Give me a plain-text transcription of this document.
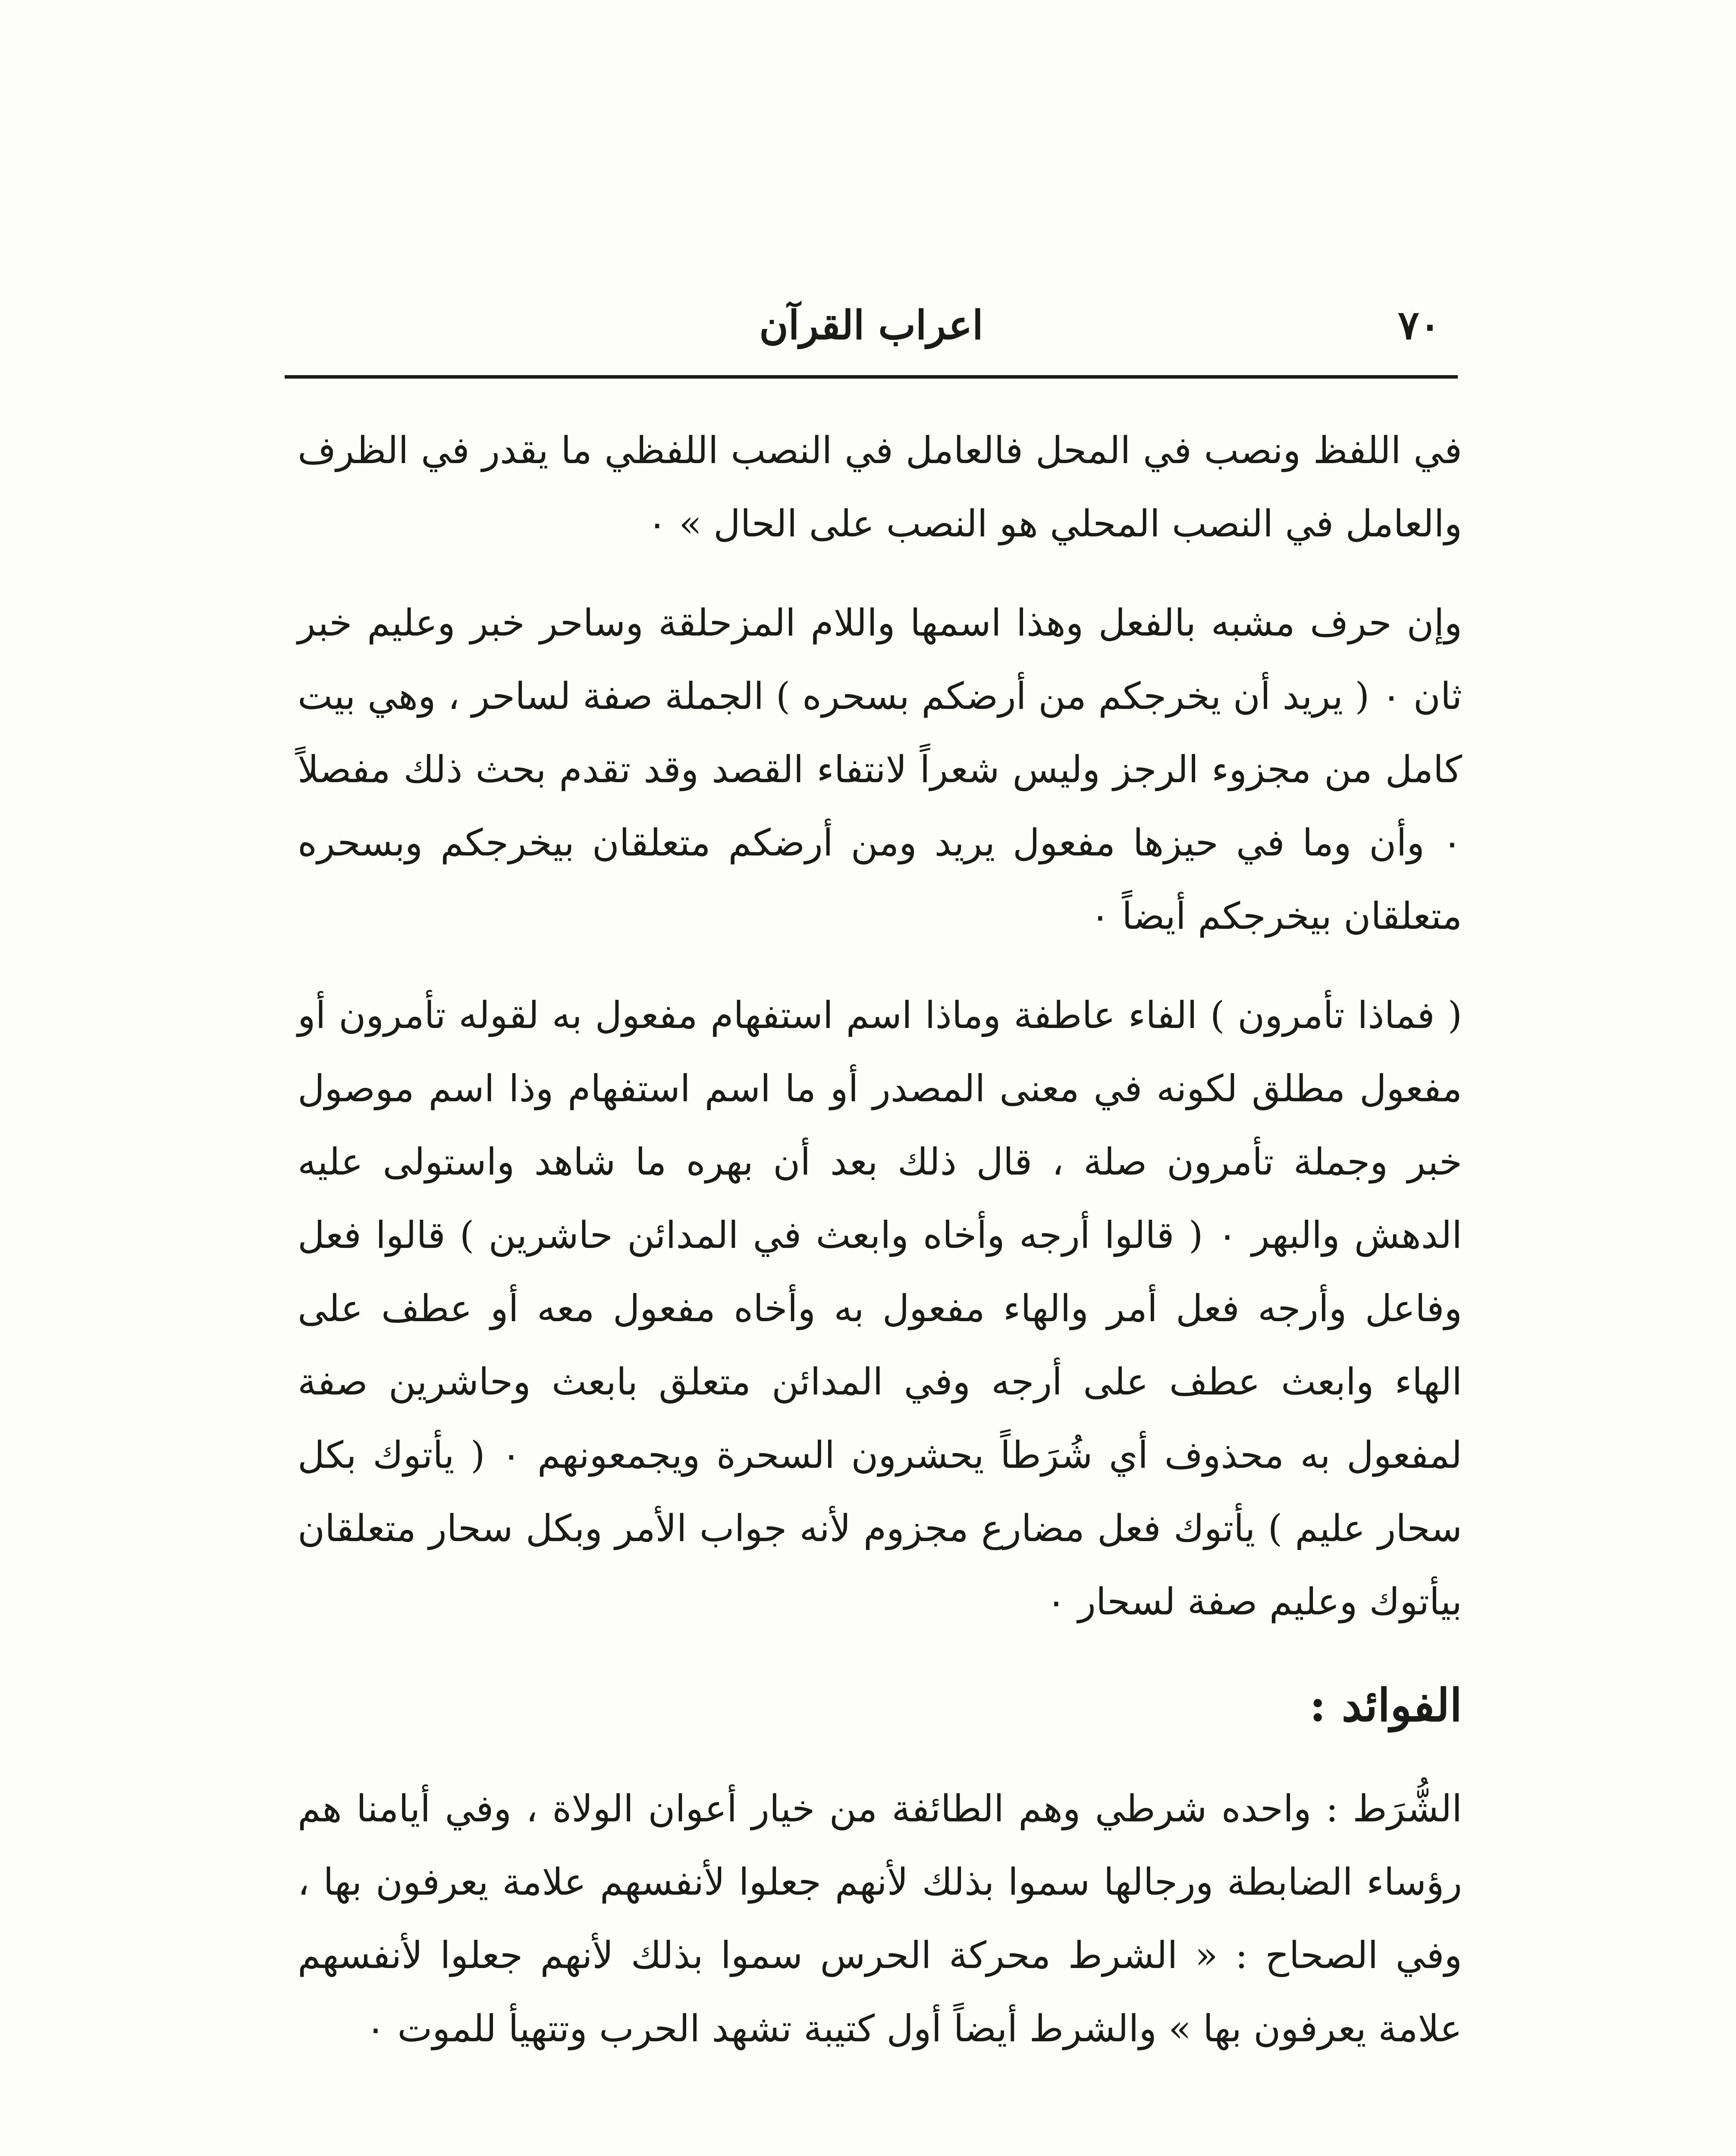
٧٠
اعراب القرآن

في اللفظ ونصب في المحل فالعامل في النصب اللفظي ما يقدر في الظرف والعامل في النصب المحلي هو النصب على الحال » ٠

وإن حرف مشبه بالفعل وهذا اسمها واللام المزحلقة وساحر خبر وعليم خبر ثان ٠ ( يريد أن يخرجكم من أرضكم بسحره ) الجملة صفة لساحر ، وهي بيت كامل من مجزوء الرجز وليس شعراً لانتفاء القصد وقد تقدم بحث ذلك مفصلاً ٠ وأن وما في حيزها مفعول يريد ومن أرضكم متعلقان بيخرجكم وبسحره متعلقان بيخرجكم أيضاً ٠

( فماذا تأمرون ) الفاء عاطفة وماذا اسم استفهام مفعول به لقوله تأمرون أو مفعول مطلق لكونه في معنى المصدر أو ما اسم استفهام وذا اسم موصول خبر وجملة تأمرون صلة ، قال ذلك بعد أن بهره ما شاهد واستولى عليه الدهش والبهر ٠ ( قالوا أرجه وأخاه وابعث في المدائن حاشرين ) قالوا فعل وفاعل وأرجه فعل أمر والهاء مفعول به وأخاه مفعول معه أو عطف على الهاء وابعث عطف على أرجه وفي المدائن متعلق بابعث وحاشرين صفة لمفعول به محذوف أي شُرَطاً يحشرون السحرة ويجمعونهم ٠ ( يأتوك بكل سحار عليم ) يأتوك فعل مضارع مجزوم لأنه جواب الأمر وبكل سحار متعلقان بيأتوك وعليم صفة لسحار ٠

الفوائد :

الشُّرَط : واحده شرطي وهم الطائفة من خيار أعوان الولاة ، وفي أيامنا هم رؤساء الضابطة ورجالها سموا بذلك لأنهم جعلوا لأنفسهم علامة يعرفون بها ، وفي الصحاح : « الشرط محركة الحرس سموا بذلك لأنهم جعلوا لأنفسهم علامة يعرفون بها » والشرط أيضاً أول كتيبة تشهد الحرب وتتهيأ للموت ٠
